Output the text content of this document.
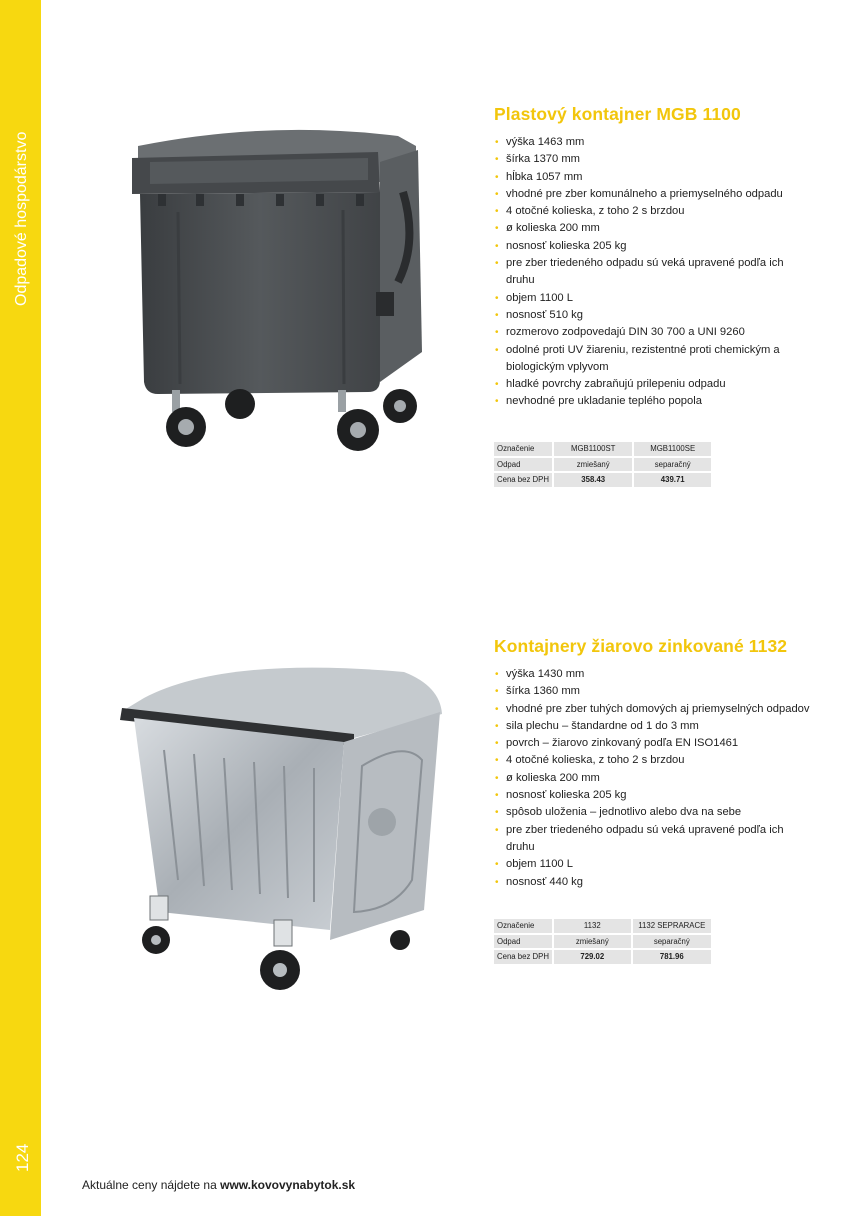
Odpadové hospodárstvo
124
Plastový kontajner MGB 1100
• výška 1463 mm
• šírka 1370 mm
• hĺbka 1057 mm
• vhodné pre zber komunálneho a priemyselného odpadu
• 4 otočné kolieska, z toho 2 s brzdou
• ø kolieska 200 mm
• nosnosť kolieska 205 kg
• pre zber triedeného odpadu sú veká upravené podľa ich druhu
• objem 1100 L
• nosnosť 510 kg
• rozmerovo zodpovedajú DIN 30 700 a UNI 9260
• odolné proti UV žiareniu, rezistentné proti chemickým a biologickým vplyvom
• hladké povrchy zabraňujú prilepeniu odpadu
• nevhodné pre ukladanie teplého popola
Označenie	MGB1100ST	MGB1100SE
Odpad	zmiešaný	separačný
Cena bez DPH	358.43	439.71
Kontajnery žiarovo zinkované 1132
• výška 1430 mm
• šírka 1360 mm
• vhodné pre zber tuhých domových aj priemyselných odpadov
• sila plechu – štandardne od 1 do 3 mm
• povrch – žiarovo zinkovaný podľa EN ISO1461
• 4 otočné kolieska, z toho 2 s brzdou
• ø kolieska 200 mm
• nosnosť kolieska 205 kg
• spôsob uloženia – jednotlivo alebo dva na sebe
• pre zber triedeného odpadu sú veká upravené podľa ich druhu
• objem 1100 L
• nosnosť 440 kg
Označenie	1132	1132 SEPRARACE
Odpad	zmiešaný	separačný
Cena bez DPH	729.02	781.96
Aktuálne ceny nájdete na www.kovovynabytok.sk
